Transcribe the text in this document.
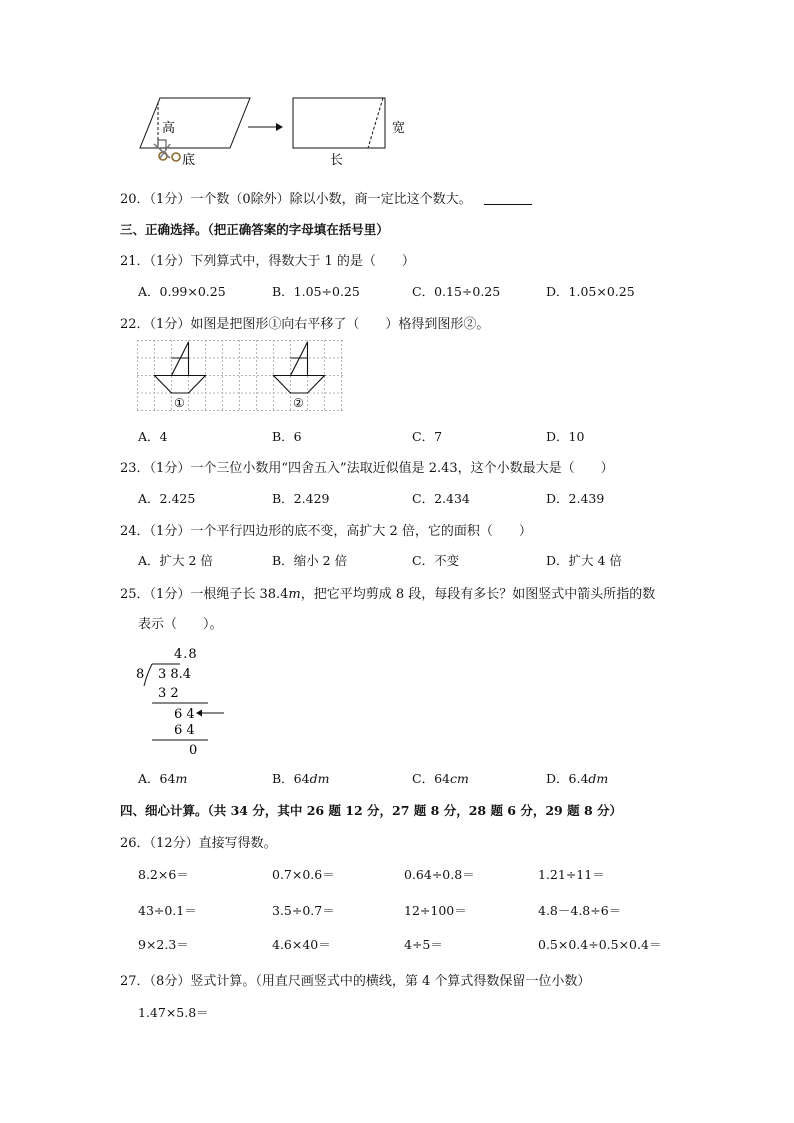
高
底
宽
长
20．（1分）一个数（0除外）除以小数，商一定比这个数大。
三、正确选择。（把正确答案的字母填在括号里）
21．（1分）下列算式中，得数大于 1 的是（　　）
A．0.99×0.25	B．1.05÷0.25	C．0.15÷0.25	D．1.05×0.25
22．（1分）如图是把图形①向右平移了（　　）格得到图形②。
①	②
A．4	B．6	C．7	D．10
23．（1分）一个三位小数用“四舍五入”法取近似值是 2.43，这个小数最大是（　　）
A．2.425	B．2.429	C．2.434	D．2.439
24．（1分）一个平行四边形的底不变，高扩大 2 倍，它的面积（　　）
A．扩大 2 倍	B．缩小 2 倍	C．不变	D．扩大 4 倍
25．（1分）一根绳子长 38.4m，把它平均剪成 8 段，每段有多长？如图竖式中箭头所指的数
表示（　　）。
4.8
8 3 8.4
3 2
6 4
6 4
0
A．64m	B．64dm	C．64cm	D．6.4dm
四、细心计算。（共 34 分，其中 26 题 12 分，27 题 8 分，28 题 6 分，29 题 8 分）
26．（12分）直接写得数。
8.2×6＝	0.7×0.6＝	0.64÷0.8＝	1.21÷11＝
43÷0.1＝	3.5÷0.7＝	12÷100＝	4.8－4.8÷6＝
9×2.3＝	4.6×40＝	4÷5＝	0.5×0.4÷0.5×0.4＝
27．（8分）竖式计算。（用直尺画竖式中的横线，第 4 个算式得数保留一位小数）
1.47×5.8＝
